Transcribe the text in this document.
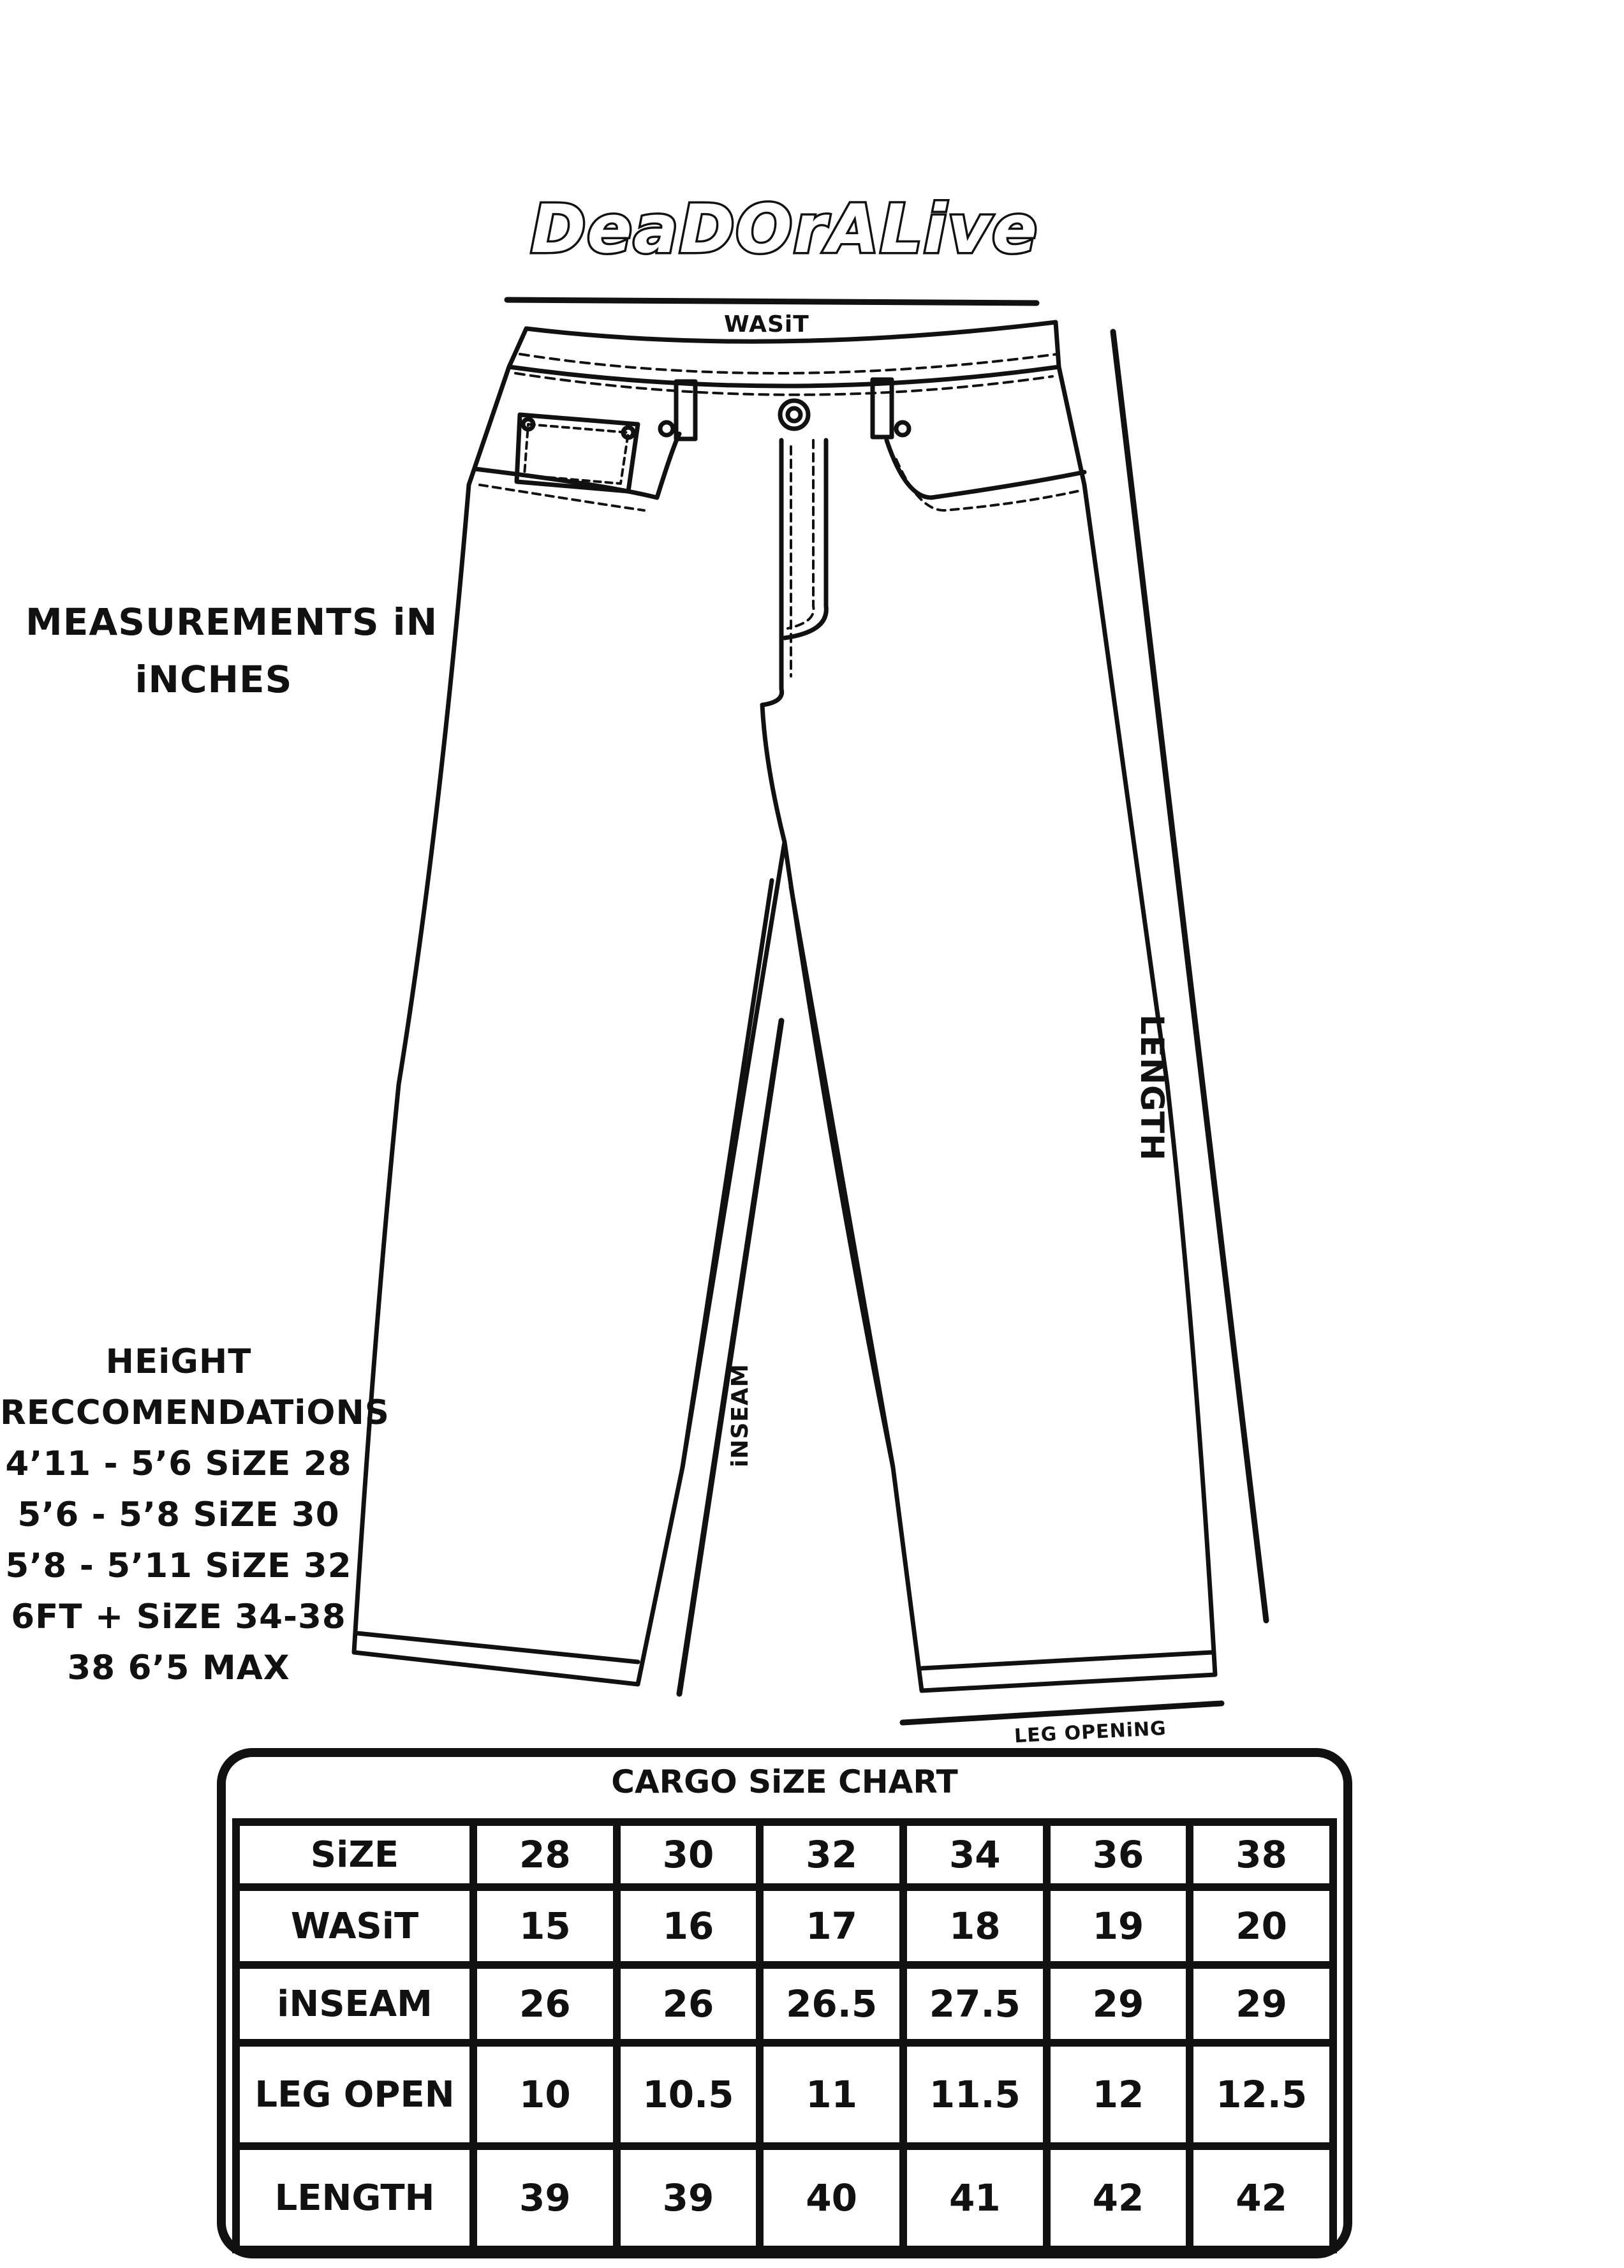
DeaDOrALive
WASiT
LENGTH
iNSEAM
LEG OPENiNG
MEASUREMENTS iN
iNCHES
HEiGHT
RECCOMENDATiONS
4’11 - 5’6 SiZE 28
5’6 - 5’8 SiZE 30
5’8 - 5’11 SiZE 32
6FT + SiZE 34-38
38 6’5 MAX
CARGO SiZE CHART
SiZE	28	30	32	34	36	38
WASiT	15	16	17	18	19	20
iNSEAM	26	26	26.5	27.5	29	29
LEG OPEN	10	10.5	11	11.5	12	12.5
LENGTH	39	39	40	41	42	42
